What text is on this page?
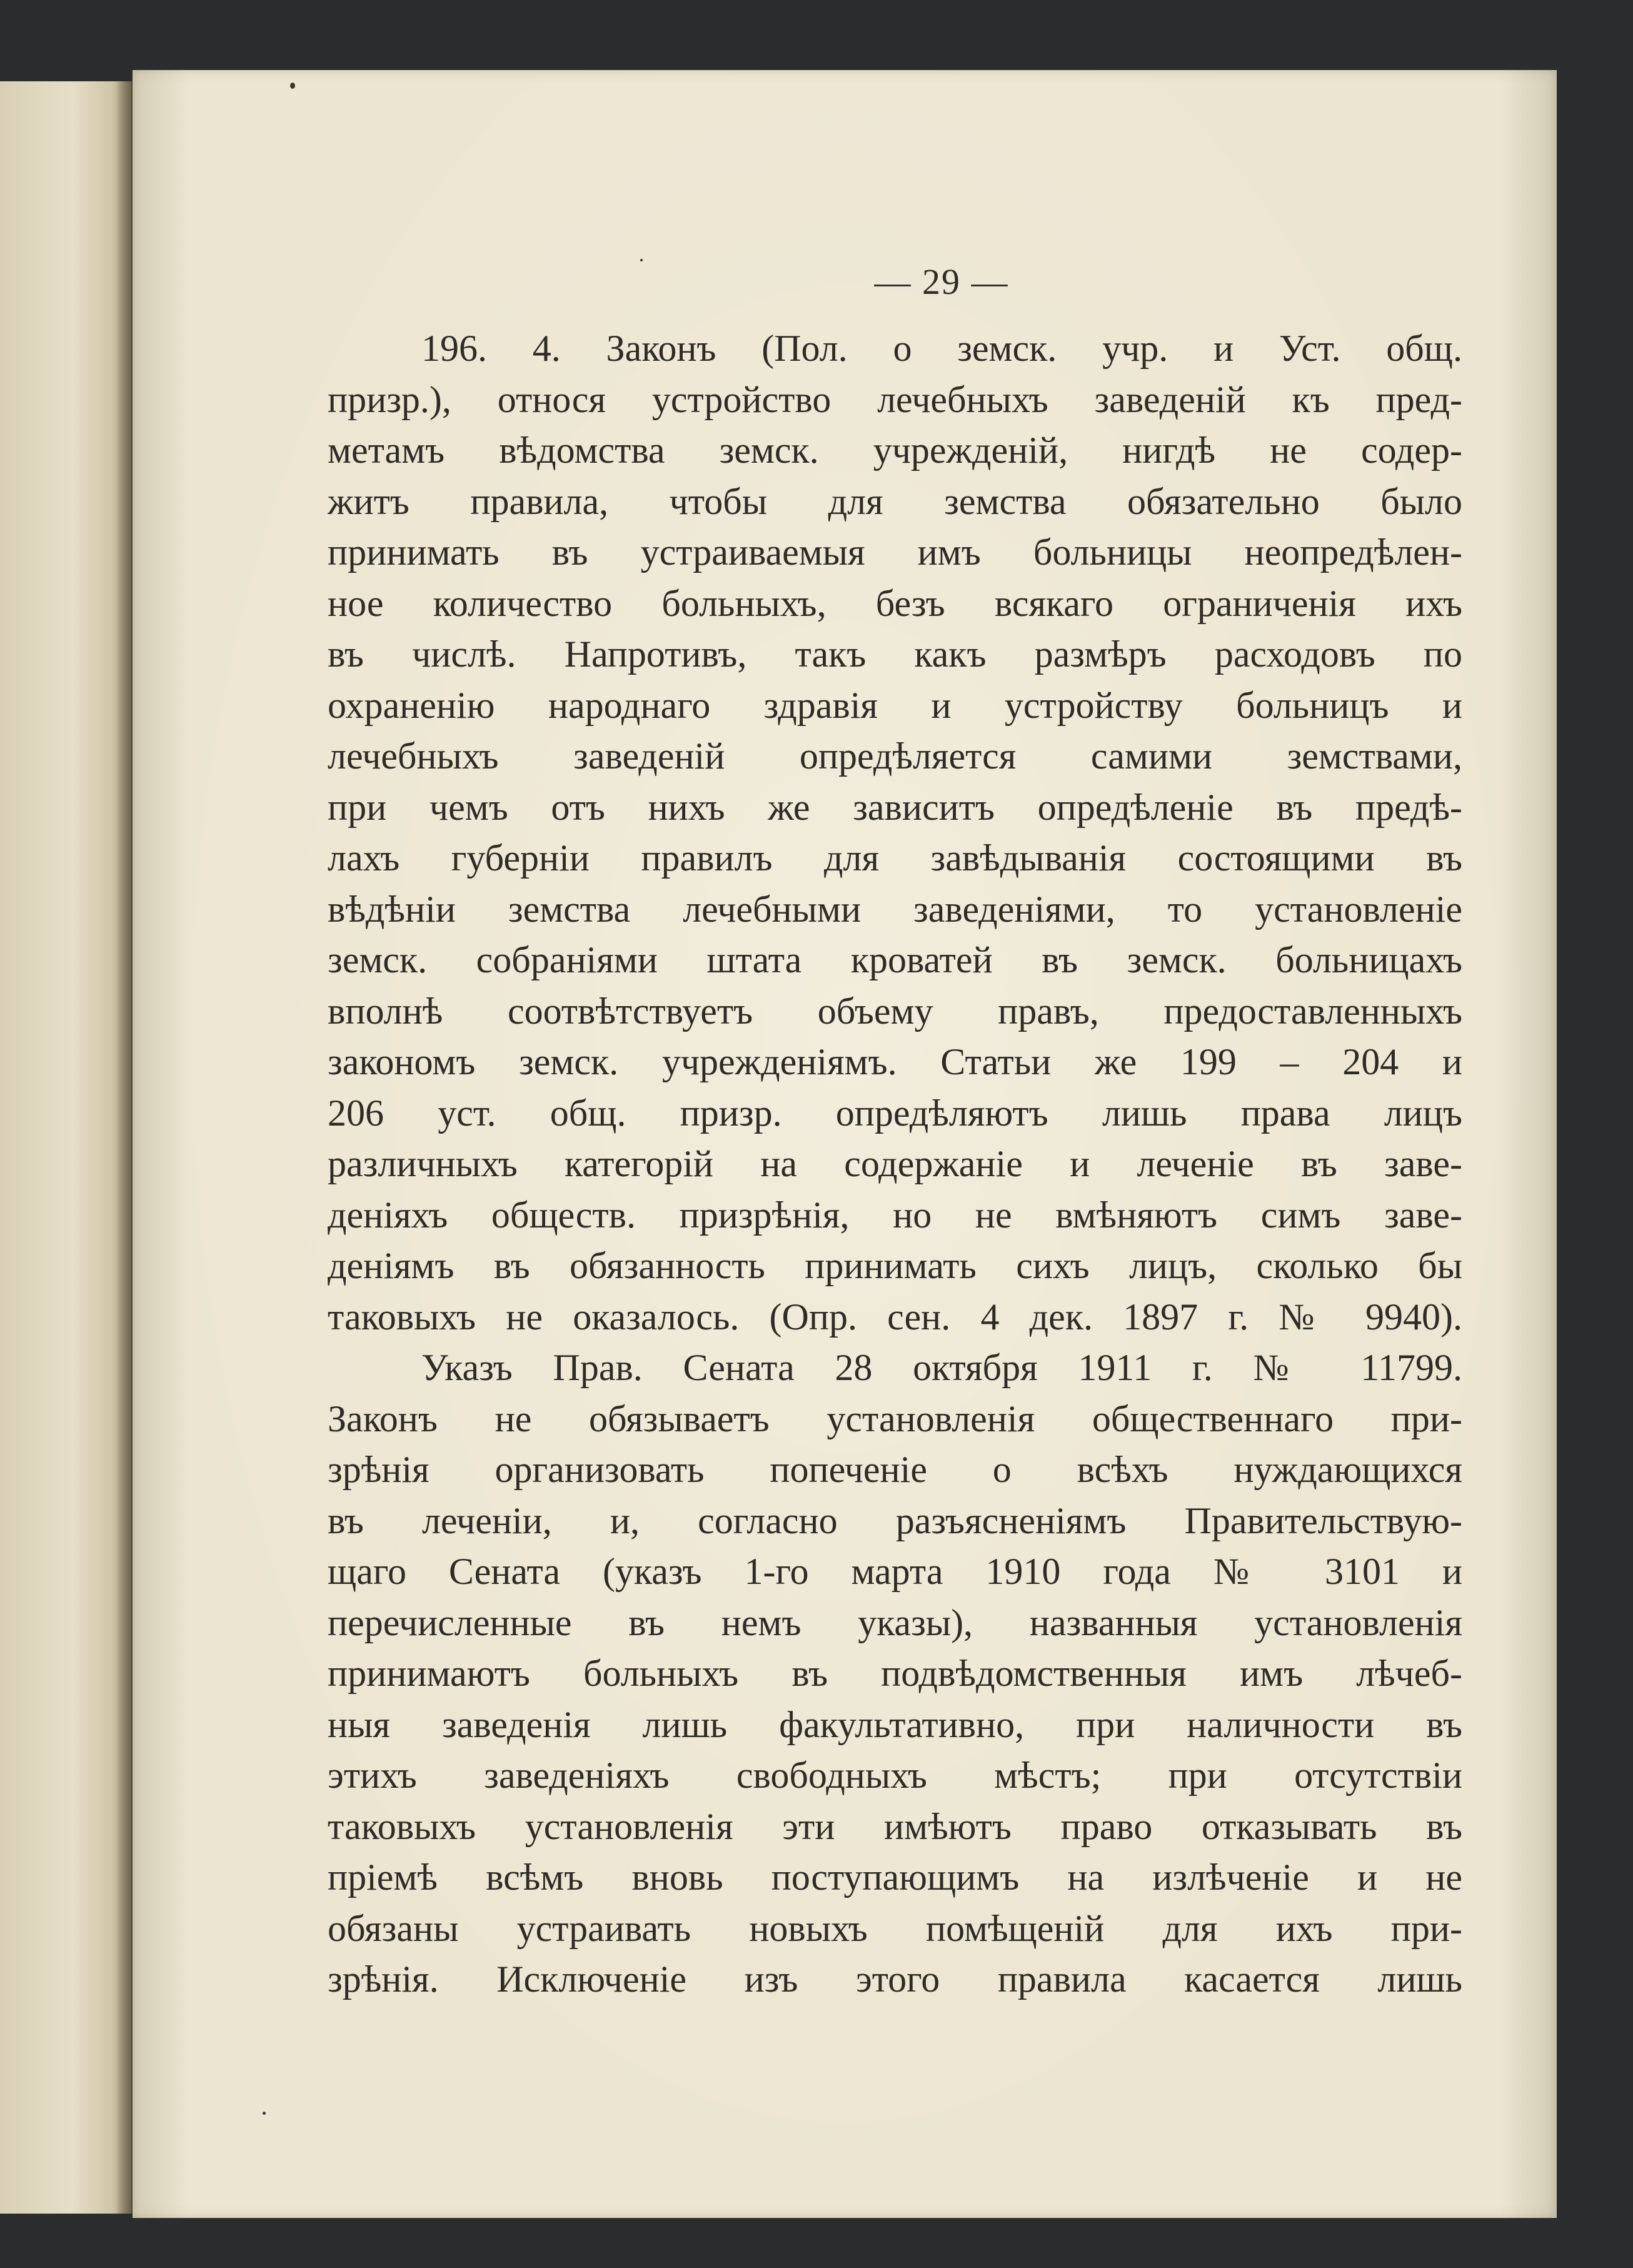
— 29 —
196. 4. Законъ (Пол. о земск. учр. и Уст. общ.
призр.), относя устройство лечебныхъ заведеній къ пред-
метамъ вѣдомства земск. учрежденій, нигдѣ не содер-
житъ правила, чтобы для земства обязательно было
принимать въ устраиваемыя имъ больницы неопредѣлен-
ное количество больныхъ, безъ всякаго ограниченія ихъ
въ числѣ. Напротивъ, такъ какъ размѣръ расходовъ по
охраненію народнаго здравія и устройству больницъ и
лечебныхъ заведеній опредѣляется самими земствами,
при чемъ отъ нихъ же зависитъ опредѣленіе въ предѣ-
лахъ губерніи правилъ для завѣдыванія состоящими въ
вѣдѣніи земства лечебными заведеніями, то установленіе
земск. собраніями штата кроватей въ земск. больницахъ
вполнѣ соотвѣтствуетъ объему правъ, предоставленныхъ
закономъ земск. учрежденіямъ. Статьи же 199 – 204 и
206 уст. общ. призр. опредѣляютъ лишь права лицъ
различныхъ категорій на содержаніе и леченіе въ заве-
деніяхъ обществ. призрѣнія, но не вмѣняютъ симъ заве-
деніямъ въ обязанность принимать сихъ лицъ, сколько бы
таковыхъ не оказалось. (Опр. сен. 4 дек. 1897 г. № 9940).
Указъ Прав. Сената 28 октября 1911 г. № 11799.
Законъ не обязываетъ установленія общественнаго при-
зрѣнія организовать попеченіе о всѣхъ нуждающихся
въ леченіи, и, согласно разъясненіямъ Правительствую-
щаго Сената (указъ 1-го марта 1910 года № 3101 и
перечисленные въ немъ указы), названныя установленія
принимаютъ больныхъ въ подвѣдомственныя имъ лѣчеб-
ныя заведенія лишь факультативно, при наличности въ
этихъ заведеніяхъ свободныхъ мѣстъ; при отсутствіи
таковыхъ установленія эти имѣютъ право отказывать въ
пріемѣ всѣмъ вновь поступающимъ на излѣченіе и не
обязаны устраивать новыхъ помѣщеній для ихъ при-
зрѣнія. Исключеніе изъ этого правила касается лишь
